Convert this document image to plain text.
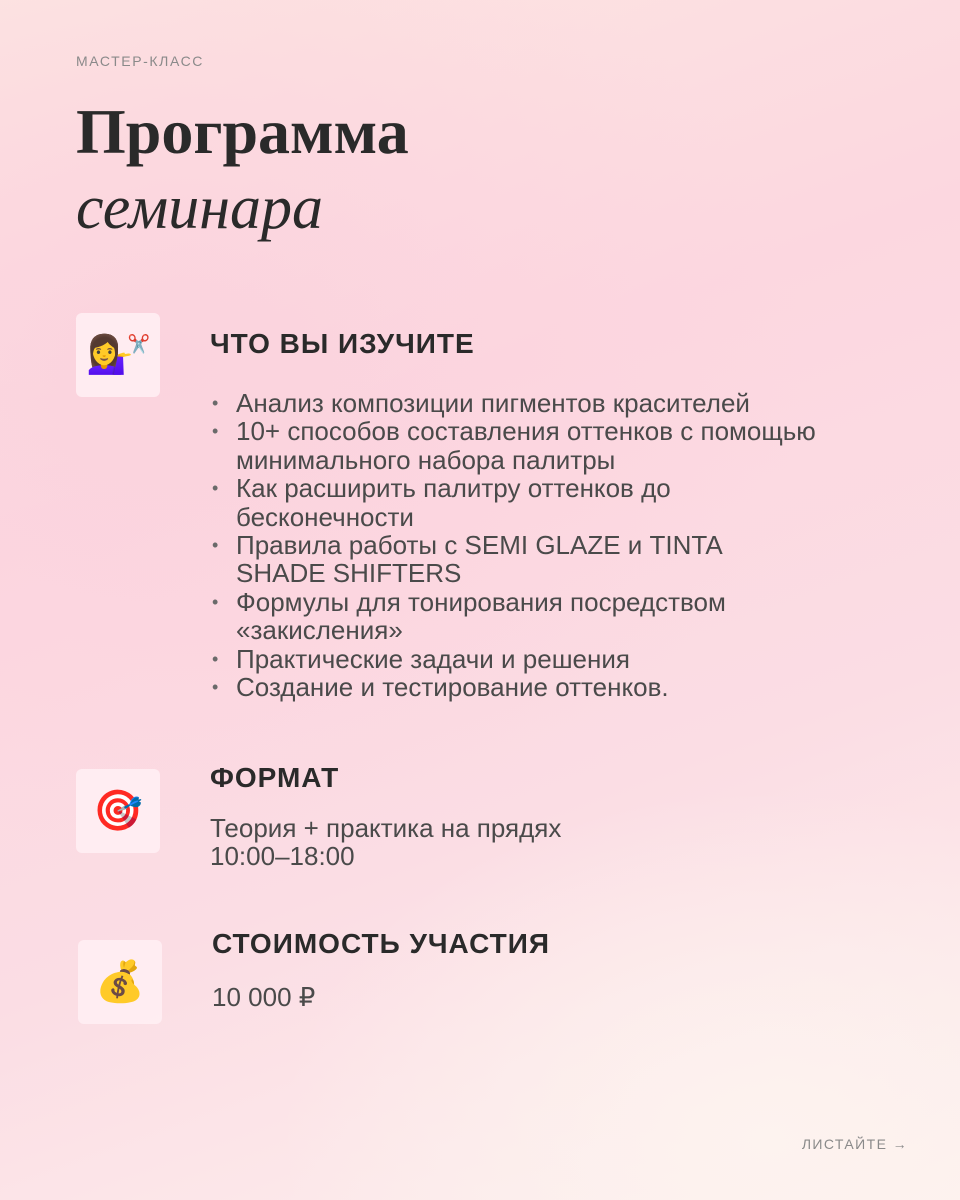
МАСТЕР-КЛАСС
Программа
семинара
💁‍♀️
✂️ ЧТО ВЫ ИЗУЧИТЕ
• Анализ композиции пигментов красителей
• 10+ способов составления оттенков с помощью минимального набора палитры
• Как расширить палитру оттенков до бесконечности
• Правила работы с SEMI GLAZE и TINTA SHADE SHIFTERS
• Формулы для тонирования посредством «закисления»
• Практические задачи и решения
• Создание и тестирование оттенков.
🎯
ФОРМАТ
Теория + практика на прядях
10:00–18:00
💰
СТОИМОСТЬ УЧАСТИЯ
10 000 ₽
ЛИСТАЙТЕ →
